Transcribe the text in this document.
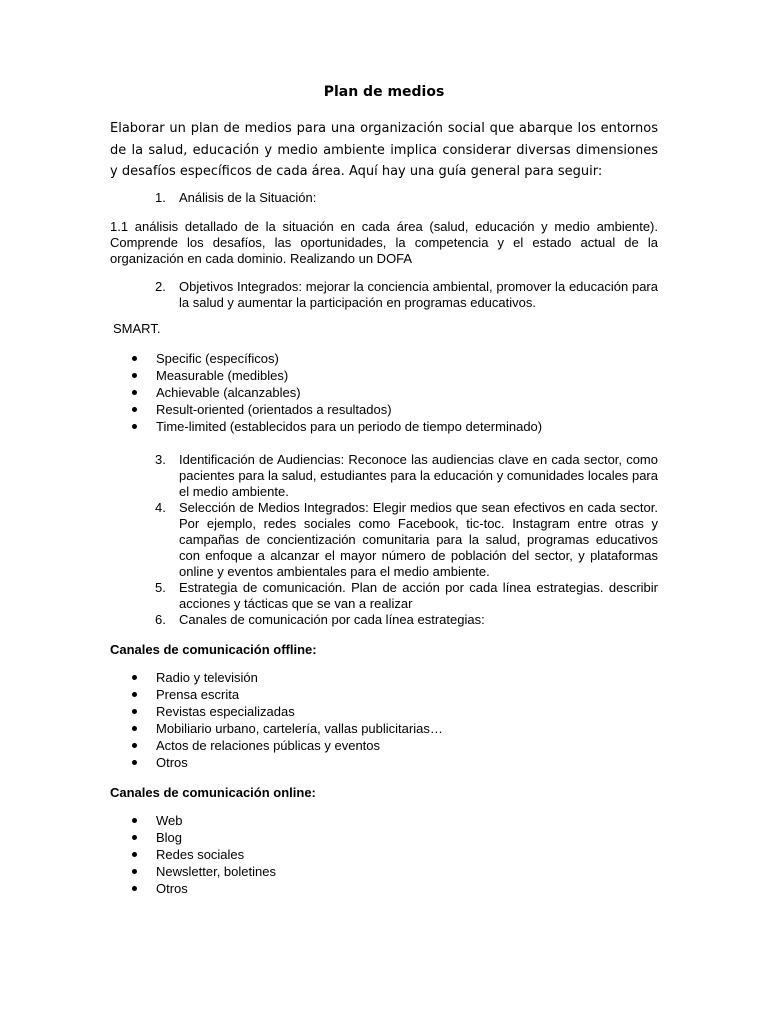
Plan de medios

Elaborar un plan de medios para una organización social que abarque los entornos de la salud, educación y medio ambiente implica considerar diversas dimensiones y desafíos específicos de cada área. Aquí hay una guía general para seguir:

1.	Análisis de la Situación:

1.1 análisis detallado de la situación en cada área (salud, educación y medio ambiente). Comprende los desafíos, las oportunidades, la competencia y el estado actual de la organización en cada dominio. Realizando un DOFA

2.	Objetivos Integrados: mejorar la conciencia ambiental, promover la educación para la salud y aumentar la participación en programas educativos.

SMART.

Specific (específicos)
Measurable (medibles)
Achievable (alcanzables)
Result-oriented (orientados a resultados)
Time-limited (establecidos para un periodo de tiempo determinado)
3.	Identificación de Audiencias: Reconoce las audiencias clave en cada sector, como pacientes para la salud, estudiantes para la educación y comunidades locales para el medio ambiente.
4.	Selección de Medios Integrados: Elegir medios que sean efectivos en cada sector. Por ejemplo, redes sociales como Facebook, tic-toc. Instagram entre otras y campañas de concientización comunitaria para la salud, programas educativos con enfoque a alcanzar el mayor número de población del sector, y plataformas online y eventos ambientales para el medio ambiente.
5.	Estrategia de comunicación. Plan de acción por cada línea estrategias. describir acciones y tácticas que se van a realizar
6.	Canales de comunicación por cada línea estrategias:

Canales de comunicación offline:

Radio y televisión
Prensa escrita
Revistas especializadas
Mobiliario urbano, cartelería, vallas publicitarias…
Actos de relaciones públicas y eventos
Otros

Canales de comunicación online:

Web
Blog
Redes sociales
Newsletter, boletines
Otros
